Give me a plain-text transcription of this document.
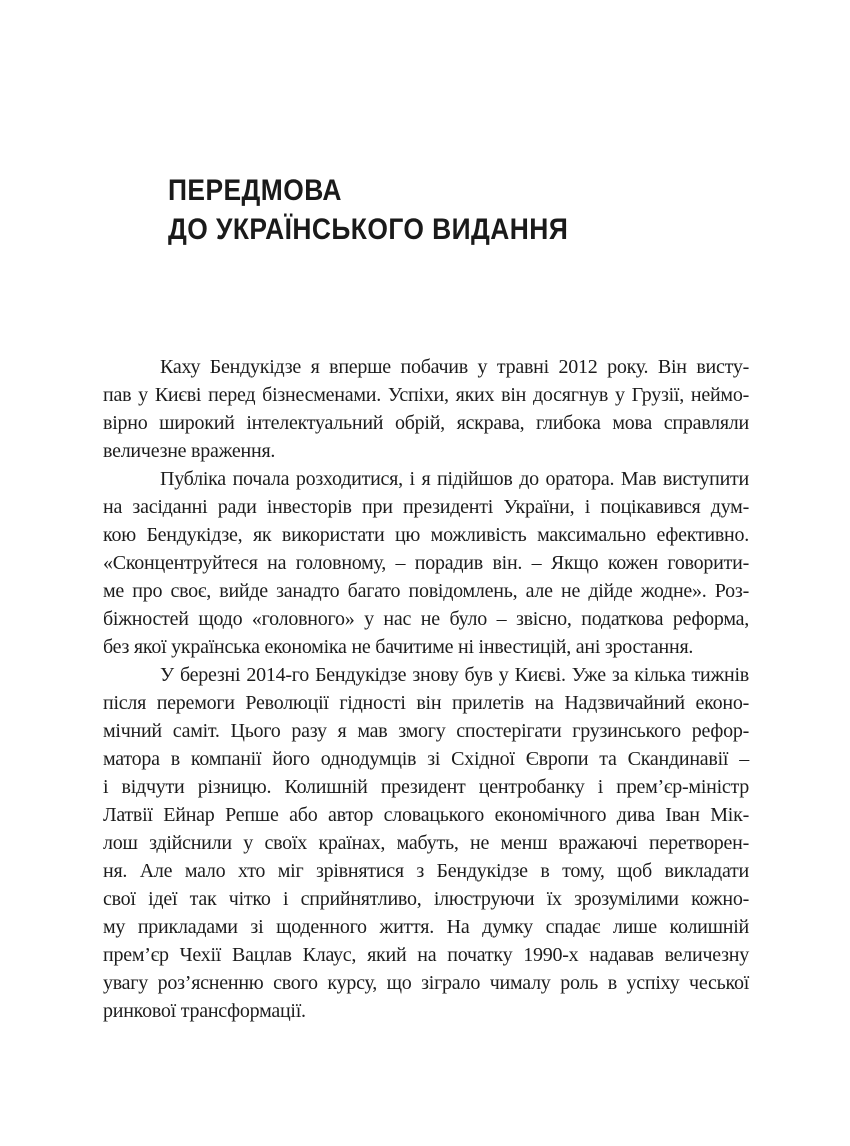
ПЕРЕДМОВА
ДО УКРАЇНСЬКОГО ВИДАННЯ
Каху Бендукідзе я вперше побачив у травні 2012 року. Він висту-
пав у Києві перед бізнесменами. Успіхи, яких він досягнув у Грузії, неймо-
вірно широкий інтелектуальний обрій, яскрава, глибока мова справляли
величезне враження.
Публіка почала розходитися, і я підійшов до оратора. Мав виступити
на засіданні ради інвесторів при президенті України, і поцікавився дум-
кою Бендукідзе, як використати цю можливість максимально ефективно.
«Сконцентруйтеся на головному, – порадив він. – Якщо кожен говорити-
ме про своє, вийде занадто багато повідомлень, але не дійде жодне». Роз-
біжностей щодо «головного» у нас не було – звісно, податкова реформа,
без якої українська економіка не бачитиме ні інвестицій, ані зростання.
У березні 2014-го Бендукідзе знову був у Києві. Уже за кілька тижнів
після перемоги Революції гідності він прилетів на Надзвичайний еконо-
мічний саміт. Цього разу я мав змогу спостерігати грузинського рефор-
матора в компанії його однодумців зі Східної Європи та Скандинавії –
і відчути різницю. Колишній президент центробанку і прем’єр-міністр
Латвії Ейнар Репше або автор словацького економічного дива Іван Мік-
лош здійснили у своїх країнах, мабуть, не менш вражаючі перетворен-
ня. Але мало хто міг зрівнятися з Бендукідзе в тому, щоб викладати
свої ідеї так чітко і сприйнятливо, ілюструючи їх зрозумілими кожно-
му прикладами зі щоденного життя. На думку спадає лише колишній
прем’єр Чехії Вацлав Клаус, який на початку 1990-х надавав величезну
увагу роз’ясненню свого курсу, що зіграло чималу роль в успіху чеської
ринкової трансформації.
